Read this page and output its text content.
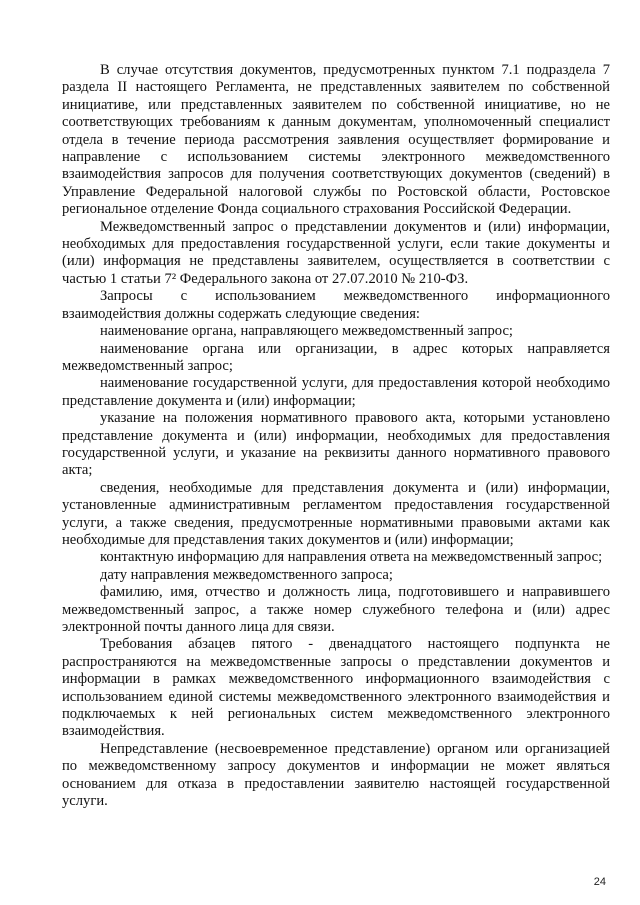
В случае отсутствия документов, предусмотренных пунктом 7.1 подраздела 7 раздела II настоящего Регламента, не представленных заявителем по собственной инициативе, или представленных заявителем по собственной инициативе, но не соответствующих требованиям к данным документам, уполномоченный специалист отдела в течение периода рассмотрения заявления осуществляет формирование и направление с использованием системы электронного межведомственного взаимодействия запросов для получения соответствующих документов (сведений) в Управление Федеральной налоговой службы по Ростовской области, Ростовское региональное отделение Фонда социального страхования Российской Федерации.

Межведомственный запрос о представлении документов и (или) информации, необходимых для предоставления государственной услуги, если такие документы и (или) информация не представлены заявителем, осуществляется в соответствии с частью 1 статьи 7² Федерального закона от 27.07.2010 № 210-ФЗ.

Запросы с использованием межведомственного информационного взаимодействия должны содержать следующие сведения:

наименование органа, направляющего межведомственный запрос;

наименование органа или организации, в адрес которых направляется межведомственный запрос;

наименование государственной услуги, для предоставления которой необходимо представление документа и (или) информации;

указание на положения нормативного правового акта, которыми установлено представление документа и (или) информации, необходимых для предоставления государственной услуги, и указание на реквизиты данного нормативного правового акта;

сведения, необходимые для представления документа и (или) информации, установленные административным регламентом предоставления государственной услуги, а также сведения, предусмотренные нормативными правовыми актами как необходимые для представления таких документов и (или) информации;

контактную информацию для направления ответа на межведомственный запрос;

дату направления межведомственного запроса;

фамилию, имя, отчество и должность лица, подготовившего и направившего межведомственный запрос, а также номер служебного телефона и (или) адрес электронной почты данного лица для связи.

Требования абзацев пятого - двенадцатого настоящего подпункта не распространяются на межведомственные запросы о представлении документов и информации в рамках межведомственного информационного взаимодействия с использованием единой системы межведомственного электронного взаимодействия и подключаемых к ней региональных систем межведомственного электронного взаимодействия.

Непредставление (несвоевременное представление) органом или организацией по межведомственному запросу документов и информации не может являться основанием для отказа в предоставлении заявителю настоящей государственной услуги.

24
